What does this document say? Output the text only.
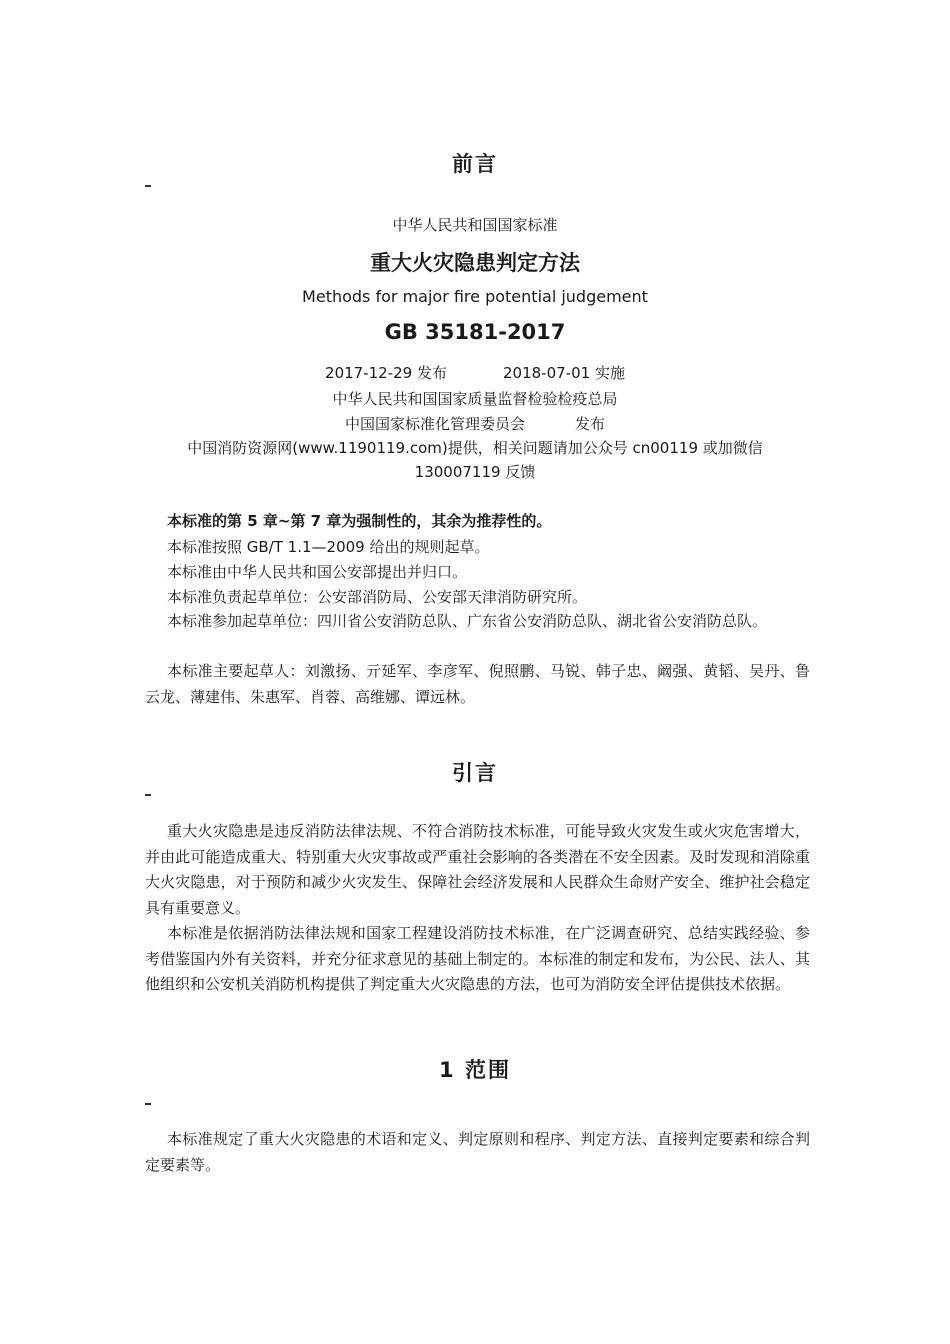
前言
中华人民共和国国家标准
重大火灾隐患判定方法
Methods for major fire potential judgement
GB 35181-2017
2017-12-29 发布	2018-07-01 实施
中华人民共和国国家质量监督检验检疫总局
中国国家标准化管理委员会	发布
中国消防资源网(www.1190119.com)提供，相关问题请加公众号 cn00119 或加微信
130007119 反馈

本标准的第 5 章~第 7 章为强制性的，其余为推荐性的。

本标准按照 GB/T 1.1—2009 给出的规则起草。

本标准由中华人民共和国公安部提出并归口。

本标准负责起草单位：公安部消防局、公安部天津消防研究所。

本标准参加起草单位：四川省公安消防总队、广东省公安消防总队、湖北省公安消防总队。

本标准主要起草人：刘激扬、亓延军、李彦军、倪照鹏、马锐、韩子忠、阚强、黄韬、吴丹、鲁云龙、薄建伟、朱惠军、肖蓉、高维娜、谭远林。

引言

重大火灾隐患是违反消防法律法规、不符合消防技术标准，可能导致火灾发生或火灾危害增大，并由此可能造成重大、特别重大火灾事故或严重社会影响的各类潜在不安全因素。及时发现和消除重大火灾隐患，对于预防和减少火灾发生、保障社会经济发展和人民群众生命财产安全、维护社会稳定具有重要意义。

本标准是依据消防法律法规和国家工程建设消防技术标准，在广泛调查研究、总结实践经验、参考借鉴国内外有关资料，并充分征求意见的基础上制定的。本标准的制定和发布，为公民、法人、其他组织和公安机关消防机构提供了判定重大火灾隐患的方法，也可为消防安全评估提供技术依据。

1 范围

本标准规定了重大火灾隐患的术语和定义、判定原则和程序、判定方法、直接判定要素和综合判定要素等。
